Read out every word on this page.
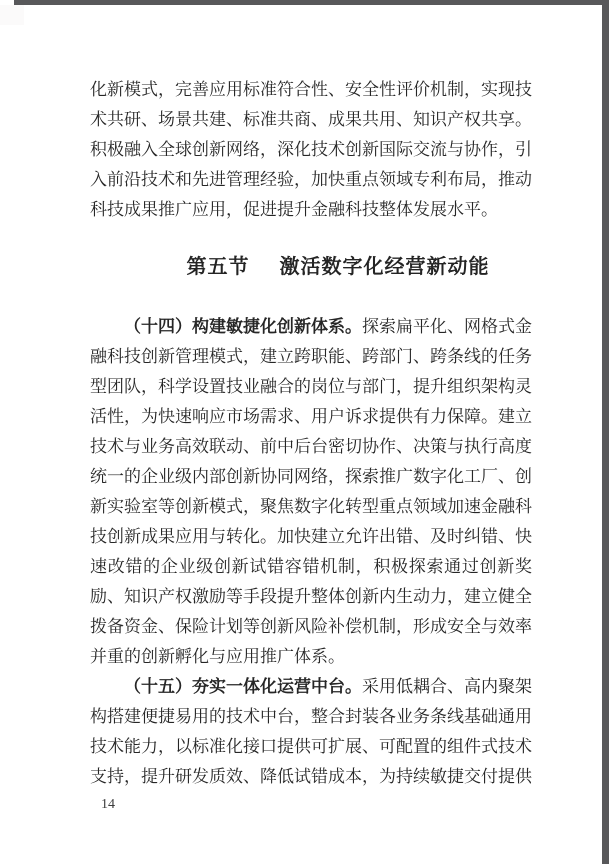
化新模式，完善应用标准符合性、安全性评价机制，实现技
术共研、场景共建、标准共商、成果共用、知识产权共享。
积极融入全球创新网络，深化技术创新国际交流与协作，引
入前沿技术和先进管理经验，加快重点领域专利布局，推动
科技成果推广应用，促进提升金融科技整体发展水平。
第五节 激活数字化经营新动能
（十四）构建敏捷化创新体系。探索扁平化、网格式金
融科技创新管理模式，建立跨职能、跨部门、跨条线的任务
型团队，科学设置技业融合的岗位与部门，提升组织架构灵
活性，为快速响应市场需求、用户诉求提供有力保障。建立
技术与业务高效联动、前中后台密切协作、决策与执行高度
统一的企业级内部创新协同网络，探索推广数字化工厂、创
新实验室等创新模式，聚焦数字化转型重点领域加速金融科
技创新成果应用与转化。加快建立允许出错、及时纠错、快
速改错的企业级创新试错容错机制，积极探索通过创新奖
励、知识产权激励等手段提升整体创新内生动力，建立健全
拨备资金、保险计划等创新风险补偿机制，形成安全与效率
并重的创新孵化与应用推广体系。
（十五）夯实一体化运营中台。采用低耦合、高内聚架
构搭建便捷易用的技术中台，整合封装各业务条线基础通用
技术能力，以标准化接口提供可扩展、可配置的组件式技术
支持，提升研发质效、降低试错成本，为持续敏捷交付提供
14
